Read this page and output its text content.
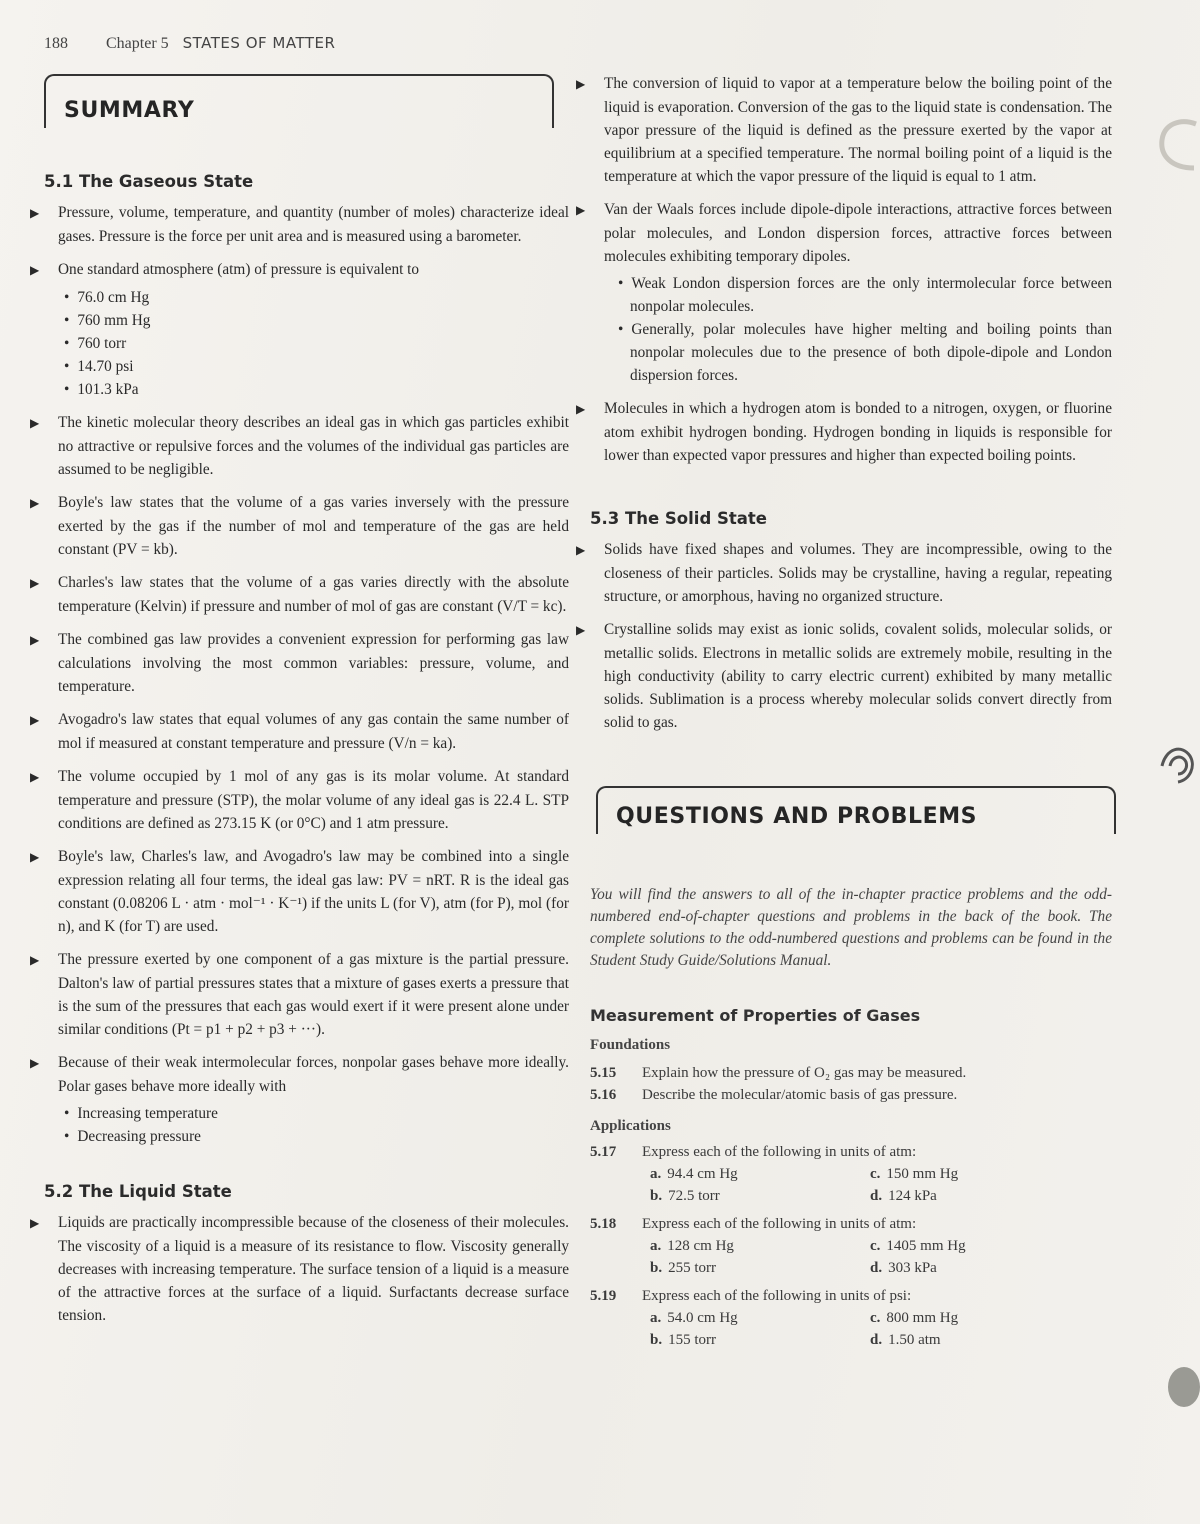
188 Chapter 5 STATES OF MATTER
SUMMARY
5.1 The Gaseous State

▶ Pressure, volume, temperature, and quantity (number of moles) characterize ideal gases. Pressure is the force per unit area and is measured using a barometer.

▶ One standard atmosphere (atm) of pressure is equivalent to

• 76.0 cm Hg
• 760 mm Hg
• 760 torr
• 14.70 psi
• 101.3 kPa

▶ The kinetic molecular theory describes an ideal gas in which gas particles exhibit no attractive or repulsive forces and the volumes of the individual gas particles are assumed to be negligible.

▶ Boyle's law states that the volume of a gas varies inversely with the pressure exerted by the gas if the number of mol and temperature of the gas are held constant (PV = kb).

▶ Charles's law states that the volume of a gas varies directly with the absolute temperature (Kelvin) if pressure and number of mol of gas are constant (V/T = kc).

▶ The combined gas law provides a convenient expression for performing gas law calculations involving the most common variables: pressure, volume, and temperature.

▶ Avogadro's law states that equal volumes of any gas contain the same number of mol if measured at constant temperature and pressure (V/n = ka).

▶ The volume occupied by 1 mol of any gas is its molar volume. At standard temperature and pressure (STP), the molar volume of any ideal gas is 22.4 L. STP conditions are defined as 273.15 K (or 0°C) and 1 atm pressure.

▶ Boyle's law, Charles's law, and Avogadro's law may be combined into a single expression relating all four terms, the ideal gas law: PV = nRT. R is the ideal gas constant (0.08206 L · atm · mol⁻¹ · K⁻¹) if the units L (for V), atm (for P), mol (for n), and K (for T) are used.

▶ The pressure exerted by one component of a gas mixture is the partial pressure. Dalton's law of partial pressures states that a mixture of gases exerts a pressure that is the sum of the pressures that each gas would exert if it were present alone under similar conditions (Pt = p1 + p2 + p3 + ···).

▶ Because of their weak intermolecular forces, nonpolar gases behave more ideally. Polar gases behave more ideally with

• Increasing temperature
• Decreasing pressure
5.2 The Liquid State

▶ Liquids are practically incompressible because of the closeness of their molecules. The viscosity of a liquid is a measure of its resistance to flow. Viscosity generally decreases with increasing temperature. The surface tension of a liquid is a measure of the attractive forces at the surface of a liquid. Surfactants decrease surface tension.

▶ The conversion of liquid to vapor at a temperature below the boiling point of the liquid is evaporation. Conversion of the gas to the liquid state is condensation. The vapor pressure of the liquid is defined as the pressure exerted by the vapor at equilibrium at a specified temperature. The normal boiling point of a liquid is the temperature at which the vapor pressure of the liquid is equal to 1 atm.

▶ Van der Waals forces include dipole-dipole interactions, attractive forces between polar molecules, and London dispersion forces, attractive forces between molecules exhibiting temporary dipoles.

• Weak London dispersion forces are the only intermolecular force between nonpolar molecules.
• Generally, polar molecules have higher melting and boiling points than nonpolar molecules due to the presence of both dipole-dipole and London dispersion forces.

▶ Molecules in which a hydrogen atom is bonded to a nitrogen, oxygen, or fluorine atom exhibit hydrogen bonding. Hydrogen bonding in liquids is responsible for lower than expected vapor pressures and higher than expected boiling points.

5.3 The Solid State

▶ Solids have fixed shapes and volumes. They are incompressible, owing to the closeness of their particles. Solids may be crystalline, having a regular, repeating structure, or amorphous, having no organized structure.

▶ Crystalline solids may exist as ionic solids, covalent solids, molecular solids, or metallic solids. Electrons in metallic solids are extremely mobile, resulting in the high conductivity (ability to carry electric current) exhibited by many metallic solids. Sublimation is a process whereby molecular solids convert directly from solid to gas.

QUESTIONS AND PROBLEMS

You will find the answers to all of the in-chapter practice problems and the odd-numbered end-of-chapter questions and problems in the back of the book. The complete solutions to the odd-numbered questions and problems can be found in the Student Study Guide/Solutions Manual.

Measurement of Properties of Gases
Foundations
5.15	Explain how the pressure of O₂ gas may be measured.
5.16	Describe the molecular/atomic basis of gas pressure.
Applications
5.17	Express each of the following in units of atm:
a. 94.4 cm Hg	c. 150 mm Hg
b. 72.5 torr	d. 124 kPa
5.18	Express each of the following in units of atm:
a. 128 cm Hg	c. 1405 mm Hg
b. 255 torr	d. 303 kPa
5.19	Express each of the following in units of psi:
a. 54.0 cm Hg	c. 800 mm Hg
b. 155 torr	d. 1.50 atm
